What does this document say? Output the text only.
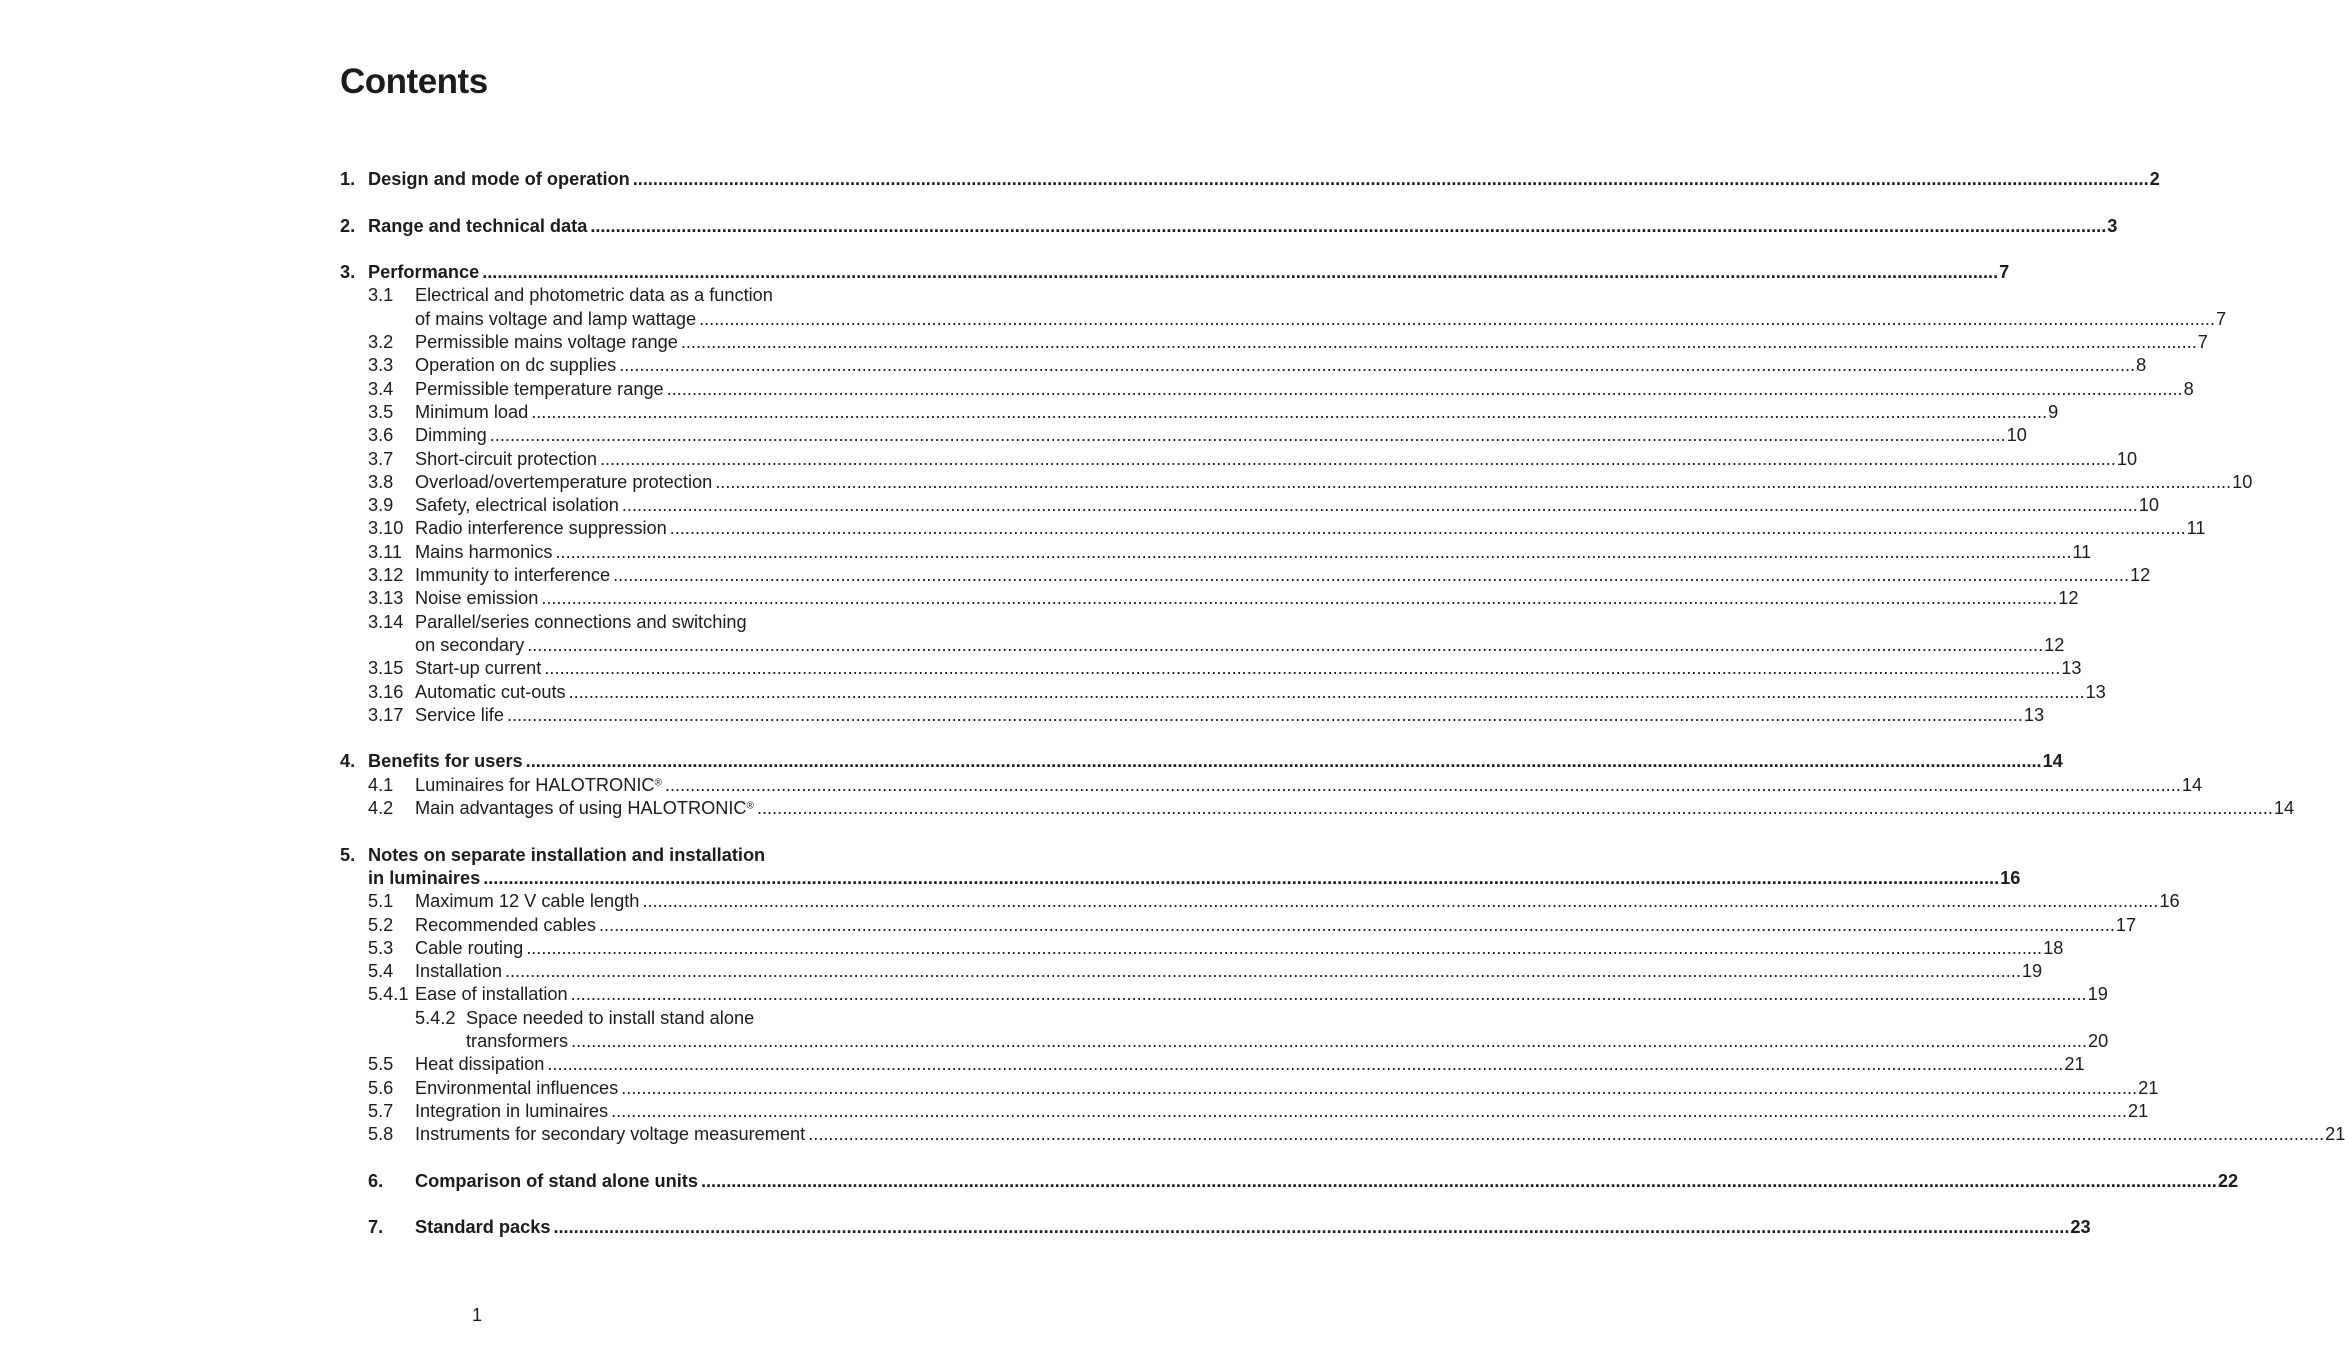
Contents
1. Design and mode of operation ............................................................................................................................................................................................................................................................................................................ 2
2. Range and technical data ............................................................................................................................................................................................................................................................................................................ 3
3. Performance ............................................................................................................................................................................................................................................................................................................ 7
3.1 Electrical and photometric data as a function
of mains voltage and lamp wattage ............................................................................................................................................................................................................................................................................................................ 7
3.2 Permissible mains voltage range ............................................................................................................................................................................................................................................................................................................ 7
3.3 Operation on dc supplies ............................................................................................................................................................................................................................................................................................................ 8
3.4 Permissible temperature range ............................................................................................................................................................................................................................................................................................................ 8
3.5 Minimum load ............................................................................................................................................................................................................................................................................................................ 9
3.6 Dimming ............................................................................................................................................................................................................................................................................................................ 10
3.7 Short-circuit protection ............................................................................................................................................................................................................................................................................................................ 10
3.8 Overload/overtemperature protection ............................................................................................................................................................................................................................................................................................................ 10
3.9 Safety, electrical isolation ............................................................................................................................................................................................................................................................................................................ 10
3.10 Radio interference suppression ............................................................................................................................................................................................................................................................................................................ 11
3.11 Mains harmonics ............................................................................................................................................................................................................................................................................................................ 11
3.12 Immunity to interference ............................................................................................................................................................................................................................................................................................................ 12
3.13 Noise emission ............................................................................................................................................................................................................................................................................................................ 12
3.14 Parallel/series connections and switching
on secondary ............................................................................................................................................................................................................................................................................................................ 12
3.15 Start-up current ............................................................................................................................................................................................................................................................................................................ 13
3.16 Automatic cut-outs ............................................................................................................................................................................................................................................................................................................ 13
3.17 Service life ............................................................................................................................................................................................................................................................................................................ 13
4. Benefits for users ............................................................................................................................................................................................................................................................................................................ 14
4.1 Luminaires for HALOTRONIC® ............................................................................................................................................................................................................................................................................................................ 14
4.2 Main advantages of using HALOTRONIC® ............................................................................................................................................................................................................................................................................................................ 14
5. Notes on separate installation and installation
in luminaires ............................................................................................................................................................................................................................................................................................................ 16
5.1 Maximum 12 V cable length ............................................................................................................................................................................................................................................................................................................ 16
5.2 Recommended cables ............................................................................................................................................................................................................................................................................................................ 17
5.3 Cable routing ............................................................................................................................................................................................................................................................................................................ 18
5.4 Installation ............................................................................................................................................................................................................................................................................................................ 19
5.4.1 Ease of installation ............................................................................................................................................................................................................................................................................................................ 19
5.4.2 Space needed to install stand alone
transformers ............................................................................................................................................................................................................................................................................................................ 20
5.5 Heat dissipation ............................................................................................................................................................................................................................................................................................................ 21
5.6 Environmental influences ............................................................................................................................................................................................................................................................................................................ 21
5.7 Integration in luminaires ............................................................................................................................................................................................................................................................................................................ 21
5.8 Instruments for secondary voltage measurement ............................................................................................................................................................................................................................................................................................................ 21
6. Comparison of stand alone units ............................................................................................................................................................................................................................................................................................................ 22
7. Standard packs ............................................................................................................................................................................................................................................................................................................ 23
1
